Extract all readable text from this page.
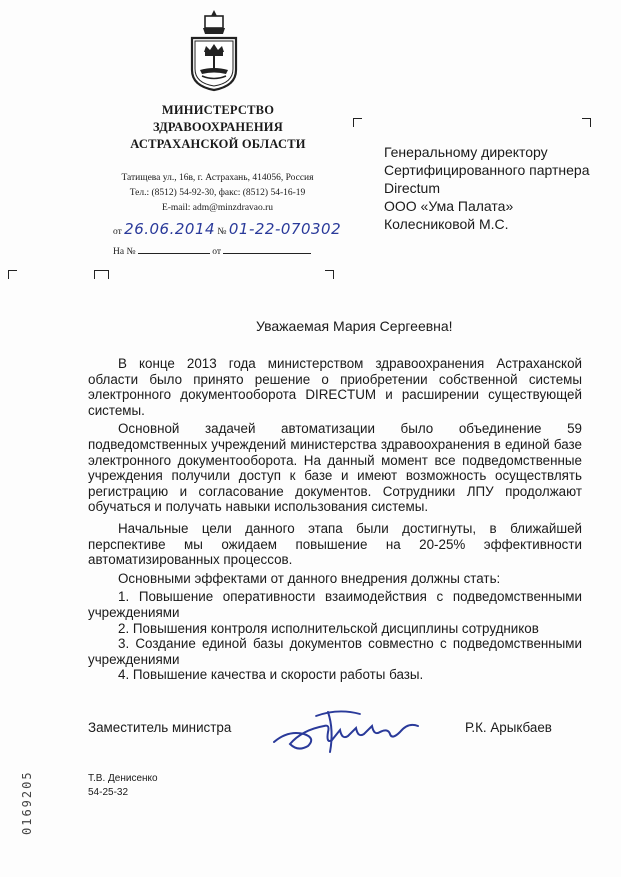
МИНИСТЕРСТВО
ЗДРАВООХРАНЕНИЯ
АСТРАХАНСКОЙ ОБЛАСТИ
Татищева ул., 16в, г. Астрахань, 414056, Россия
Тел.: (8512) 54-92-30, факс: (8512) 54-16-19
E-mail: adm@minzdravao.ru
от 26.06.2014 № 01-22-070302
На №	от
Генеральному директору
Сертифицированного партнера
Directum
ООО «Ума Палата»
Колесниковой М.С.
Уважаемая Мария Сергеевна!

В конце 2013 года министерством здравоохранения Астраханской области было принято решение о приобретении собственной системы электронного документооборота DIRECTUM и расширении существующей системы.

Основной задачей автоматизации было объединение 59 подведомственных учреждений министерства здравоохранения в единой базе электронного документооборота. На данный момент все подведомственные учреждения получили доступ к базе и имеют возможность осуществлять регистрацию и согласование документов. Сотрудники ЛПУ продолжают обучаться и получать навыки использования системы.

Начальные цели данного этапа были достигнуты, в ближайшей перспективе мы ожидаем повышение на 20-25% эффективности автоматизированных процессов.

Основными эффектами от данного внедрения должны стать:

1. Повышение оперативности взаимодействия с подведомственными учреждениями
2. Повышения контроля исполнительской дисциплины сотрудников
3. Создание единой базы документов совместно с подведомственными учреждениями
4. Повышение качества и скорости работы базы.
Заместитель министра	Р.К. Арыкбаев
Т.В. Денисенко
54-25-32
0169205
